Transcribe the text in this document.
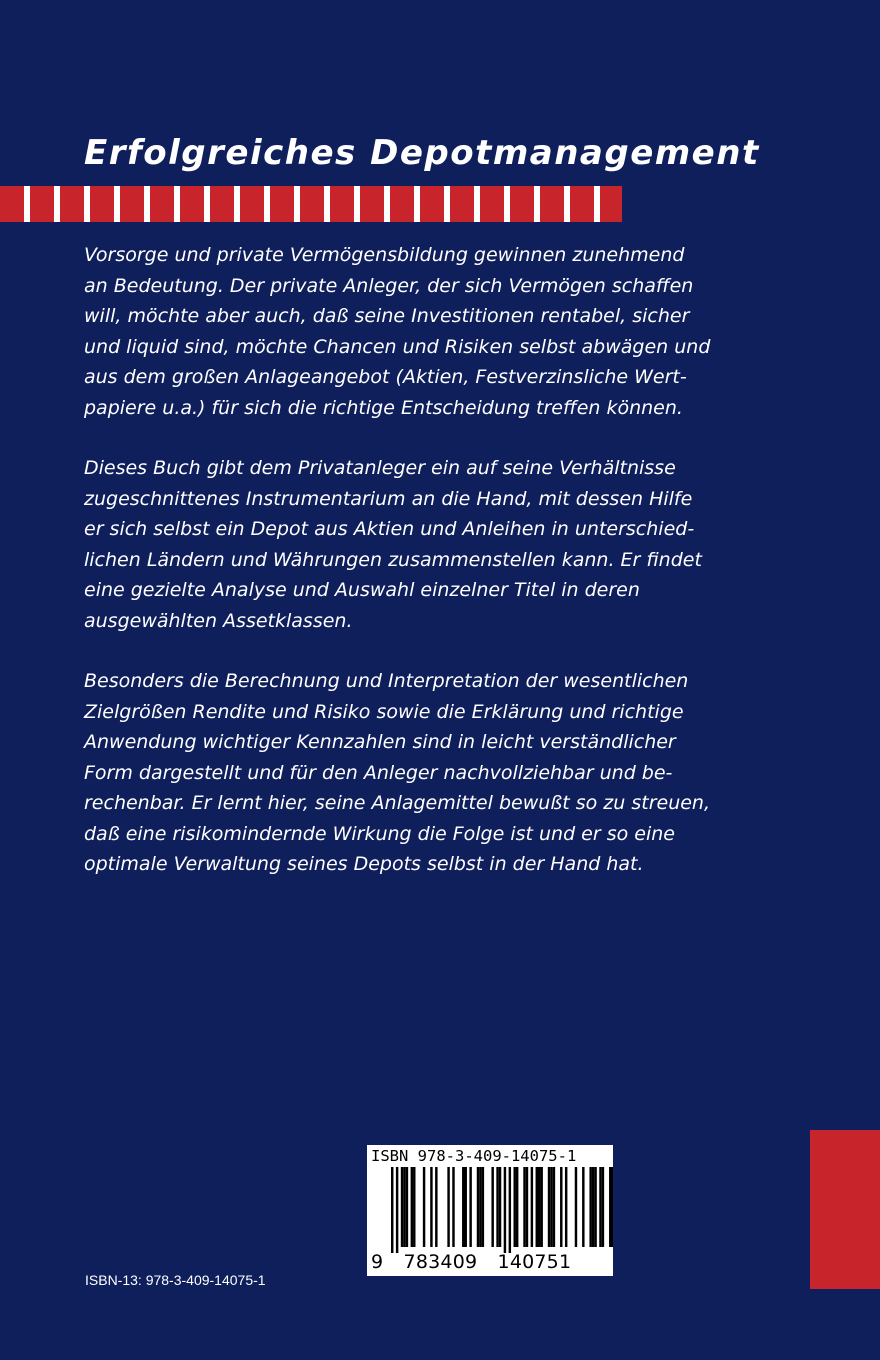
Erfolgreiches Depotmanagement

Vorsorge und private Vermögensbildung gewinnen zunehmend
an Bedeutung. Der private Anleger, der sich Vermögen schaffen
will, möchte aber auch, daß seine Investitionen rentabel, sicher
und liquid sind, möchte Chancen und Risiken selbst abwägen und
aus dem großen Anlageangebot (Aktien, Festverzinsliche Wert-
papiere u.a.) für sich die richtige Entscheidung treffen können.

Dieses Buch gibt dem Privatanleger ein auf seine Verhältnisse
zugeschnittenes Instrumentarium an die Hand, mit dessen Hilfe
er sich selbst ein Depot aus Aktien und Anleihen in unterschied-
lichen Ländern und Währungen zusammenstellen kann. Er findet
eine gezielte Analyse und Auswahl einzelner Titel in deren
ausgewählten Assetklassen.

Besonders die Berechnung und Interpretation der wesentlichen
Zielgrößen Rendite und Risiko sowie die Erklärung und richtige
Anwendung wichtiger Kennzahlen sind in leicht verständlicher
Form dargestellt und für den Anleger nachvollziehbar und be-
rechenbar. Er lernt hier, seine Anlagemittel bewußt so zu streuen,
daß eine risikomindernde Wirkung die Folge ist und er so eine
optimale Verwaltung seines Depots selbst in der Hand hat.

ISBN 978-3-409-14075-1
9 783409 140751
ISBN-13: 978-3-409-14075-1
